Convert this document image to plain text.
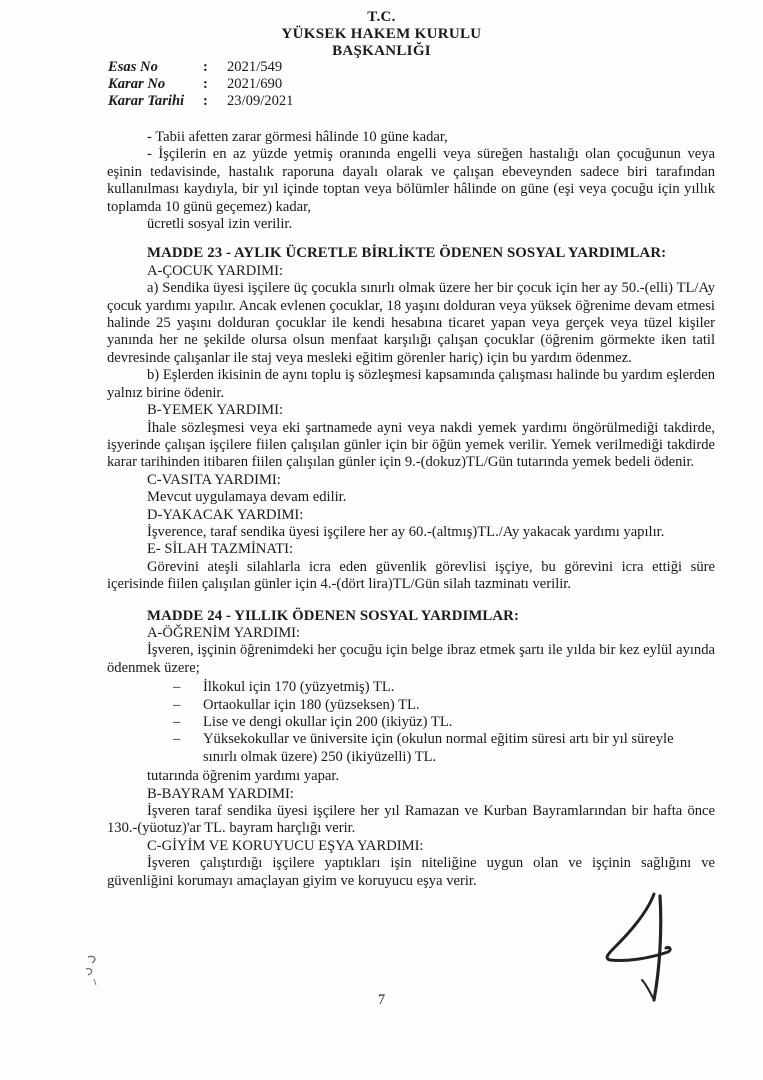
T.C.
YÜKSEK HAKEM KURULU
BAŞKANLIĞI
Esas No	:	2021/549
Karar No	:	2021/690
Karar Tarihi	:	23/09/2021

- Tabii afetten zarar görmesi hâlinde 10 güne kadar,

- İşçilerin en az yüzde yetmiş oranında engelli veya süreğen hastalığı olan çocuğunun veya eşinin tedavisinde, hastalık raporuna dayalı olarak ve çalışan ebeveynden sadece biri tarafından kullanılması kaydıyla, bir yıl içinde toptan veya bölümler hâlinde on güne (eşi veya çocuğu için yıllık toplamda 10 günü geçemez) kadar,

ücretli sosyal izin verilir.

MADDE 23 - AYLIK ÜCRETLE BİRLİKTE ÖDENEN SOSYAL YARDIMLAR:

A-ÇOCUK YARDIMI:

a) Sendika üyesi işçilere üç çocukla sınırlı olmak üzere her bir çocuk için her ay 50.-(elli) TL/Ay çocuk yardımı yapılır. Ancak evlenen çocuklar, 18 yaşını dolduran veya yüksek öğrenime devam etmesi halinde 25 yaşını dolduran çocuklar ile kendi hesabına ticaret yapan veya gerçek veya tüzel kişiler yanında her ne şekilde olursa olsun menfaat karşılığı çalışan çocuklar (öğrenim görmekte iken tatil devresinde çalışanlar ile staj veya mesleki eğitim görenler hariç) için bu yardım ödenmez.

b) Eşlerden ikisinin de aynı toplu iş sözleşmesi kapsamında çalışması halinde bu yardım eşlerden yalnız birine ödenir.

B-YEMEK YARDIMI:

İhale sözleşmesi veya eki şartnamede ayni veya nakdi yemek yardımı öngörülmediği takdirde, işyerinde çalışan işçilere fiilen çalışılan günler için bir öğün yemek verilir. Yemek verilmediği takdirde karar tarihinden itibaren fiilen çalışılan günler için 9.-(dokuz)TL/Gün tutarında yemek bedeli ödenir.

C-VASITA YARDIMI:

Mevcut uygulamaya devam edilir.

D-YAKACAK YARDIMI:

İşverence, taraf sendika üyesi işçilere her ay 60.-(altmış)TL./Ay yakacak yardımı yapılır.

E- SİLAH TAZMİNATI:

Görevini ateşli silahlarla icra eden güvenlik görevlisi işçiye, bu görevini icra ettiği süre içerisinde fiilen çalışılan günler için 4.-(dört lira)TL/Gün silah tazminatı verilir.

MADDE 24 - YILLIK ÖDENEN SOSYAL YARDIMLAR:

A-ÖĞRENİM YARDIMI:

İşveren, işçinin öğrenimdeki her çocuğu için belge ibraz etmek şartı ile yılda bir kez eylül ayında ödenmek üzere;

–	İlkokul için 170 (yüzyetmiş) TL.
–	Ortaokullar için 180 (yüzseksen) TL.
–	Lise ve dengi okullar için 200 (ikiyüz) TL.
–	Yüksekokullar ve üniversite için (okulun normal eğitim süresi artı bir yıl süreyle
sınırlı olmak üzere) 250 (ikiyüzelli) TL.

tutarında öğrenim yardımı yapar.

B-BAYRAM YARDIMI:

İşveren taraf sendika üyesi işçilere her yıl Ramazan ve Kurban Bayramlarından bir hafta önce 130.-(yüotuz)'ar TL. bayram harçlığı verir.

C-GİYİM VE KORUYUCU EŞYA YARDIMI:

İşveren çalıştırdığı işçilere yaptıkları işin niteliğine uygun olan ve işçinin sağlığını ve güvenliğini korumayı amaçlayan giyim ve koruyucu eşya verir.

7
